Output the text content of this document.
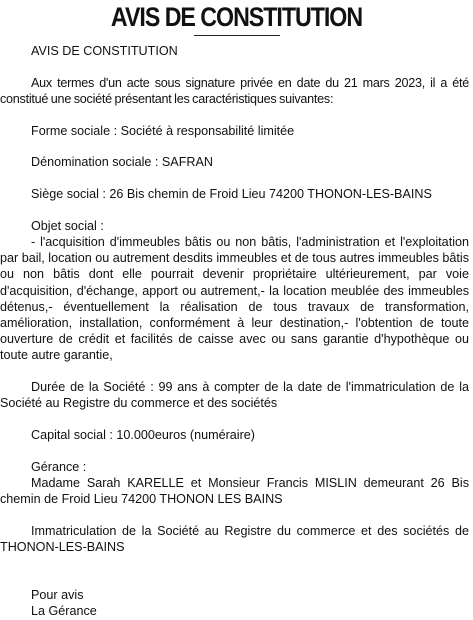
AVIS DE CONSTITUTION

AVIS DE CONSTITUTION

Aux termes d'un acte sous signature privée en date du 21 mars 2023, il a été constitué une société présentant les caractéristiques suivantes:

Forme sociale : Société à responsabilité limitée

Dénomination sociale : SAFRAN

Siège social : 26 Bis chemin de Froid Lieu 74200 THONON-LES-BAINS

Objet social :

- l'acquisition d'immeubles bâtis ou non bâtis, l'administration et l'exploitation par bail, location ou autrement desdits immeubles et de tous autres immeubles bâtis ou non bâtis dont elle pourrait devenir propriétaire ultérieurement, par voie d'acquisition, d'échange, apport ou autrement,- la location meublée des immeubles détenus,- éventuellement la réalisation de tous travaux de transformation, amélioration, installation, conformément à leur destination,- l'obtention de toute ouverture de crédit et facilités de caisse avec ou sans garantie d'hypothèque ou toute autre garantie,

Durée de la Société : 99 ans à compter de la date de l'immatriculation de la Société au Registre du commerce et des sociétés

Capital social : 10.000euros (numéraire)

Gérance :

Madame Sarah KARELLE et Monsieur Francis MISLIN demeurant 26 Bis chemin de Froid Lieu 74200 THONON LES BAINS

Immatriculation de la Société au Registre du commerce et des sociétés de THONON-LES-BAINS

Pour avis

La Gérance
